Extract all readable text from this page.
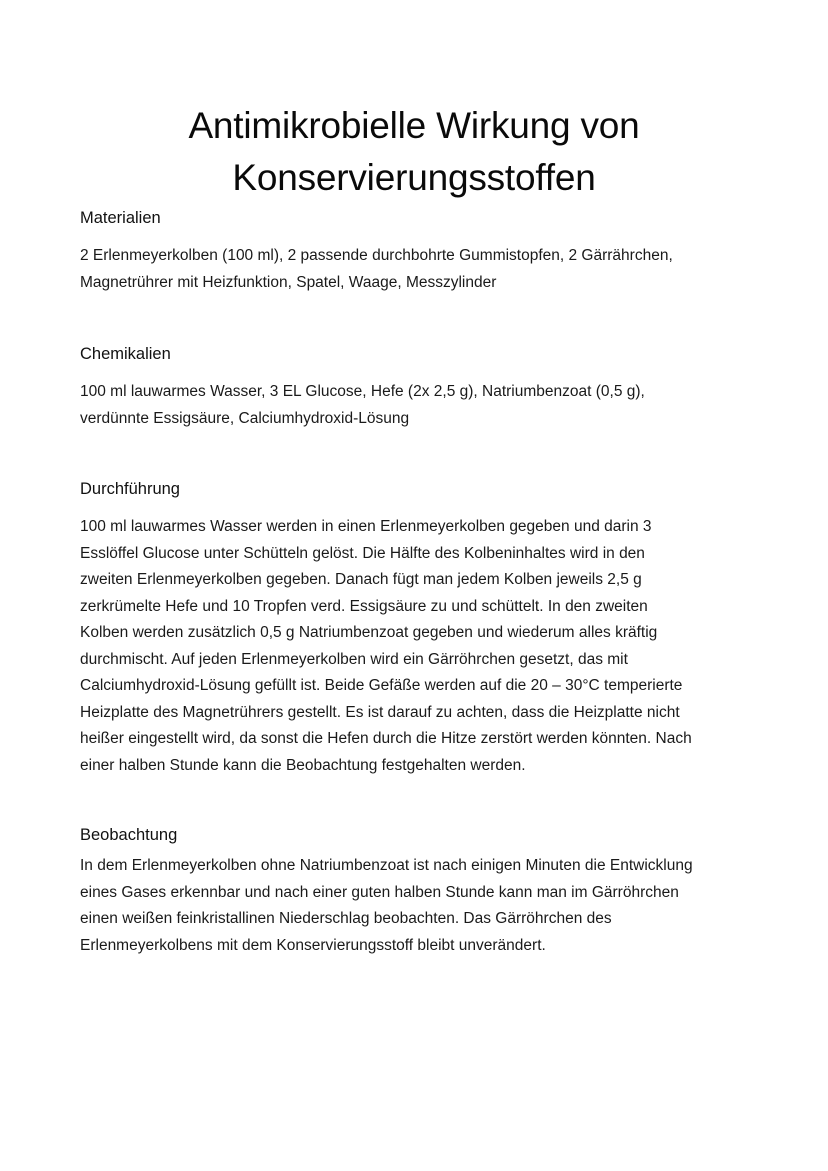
Antimikrobielle Wirkung von
Konservierungsstoffen
Materialien

2 Erlenmeyerkolben (100 ml), 2 passende durchbohrte Gummistopfen, 2 Gärrährchen,
Magnetrührer mit Heizfunktion, Spatel, Waage, Messzylinder

Chemikalien

100 ml lauwarmes Wasser, 3 EL Glucose, Hefe (2x 2,5 g), Natriumbenzoat (0,5 g),
verdünnte Essigsäure, Calciumhydroxid-Lösung

Durchführung

100 ml lauwarmes Wasser werden in einen Erlenmeyerkolben gegeben und darin 3
Esslöffel Glucose unter Schütteln gelöst. Die Hälfte des Kolbeninhaltes wird in den
zweiten Erlenmeyerkolben gegeben. Danach fügt man jedem Kolben jeweils 2,5 g
zerkrümelte Hefe und 10 Tropfen verd. Essigsäure zu und schüttelt. In den zweiten
Kolben werden zusätzlich 0,5 g Natriumbenzoat gegeben und wiederum alles kräftig
durchmischt. Auf jeden Erlenmeyerkolben wird ein Gärröhrchen gesetzt, das mit
Calciumhydroxid-Lösung gefüllt ist. Beide Gefäße werden auf die 20 – 30°C temperierte
Heizplatte des Magnetrührers gestellt. Es ist darauf zu achten, dass die Heizplatte nicht
heißer eingestellt wird, da sonst die Hefen durch die Hitze zerstört werden könnten. Nach
einer halben Stunde kann die Beobachtung festgehalten werden.

Beobachtung

In dem Erlenmeyerkolben ohne Natriumbenzoat ist nach einigen Minuten die Entwicklung
eines Gases erkennbar und nach einer guten halben Stunde kann man im Gärröhrchen
einen weißen feinkristallinen Niederschlag beobachten. Das Gärröhrchen des
Erlenmeyerkolbens mit dem Konservierungsstoff bleibt unverändert.
